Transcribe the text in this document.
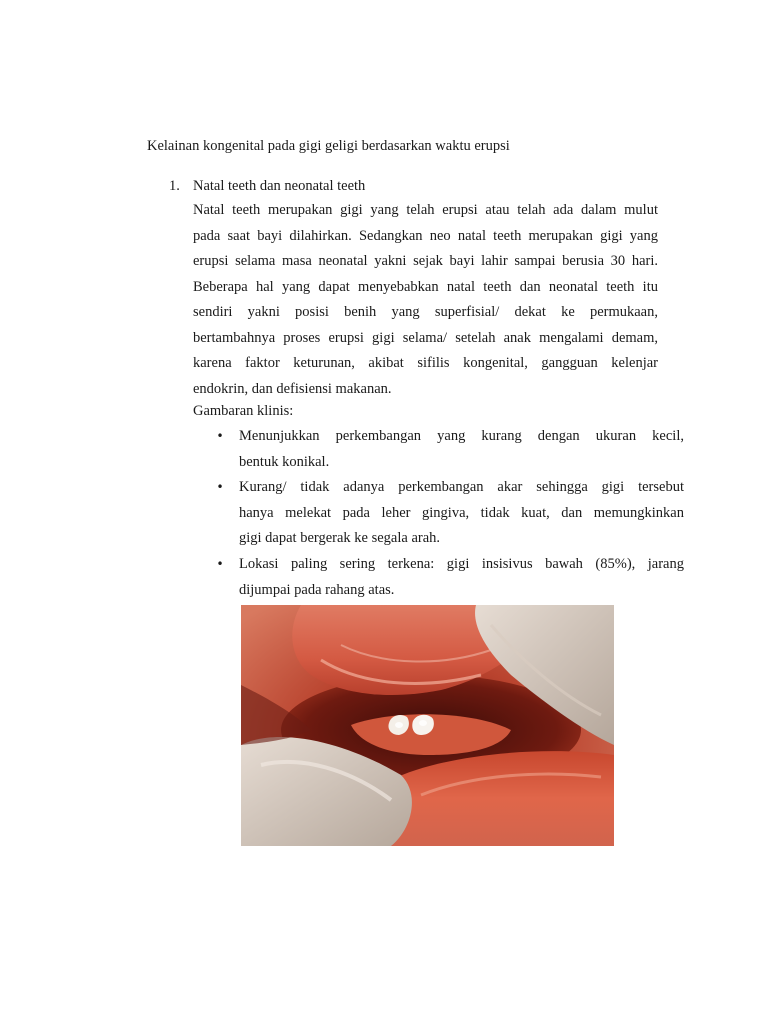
Kelainan kongenital pada gigi geligi berdasarkan waktu erupsi
1. Natal teeth dan neonatal teeth
Natal teeth merupakan gigi yang telah erupsi atau telah ada dalam mulut
pada saat bayi dilahirkan. Sedangkan neo natal teeth merupakan gigi yang
erupsi selama masa neonatal yakni sejak bayi lahir sampai berusia 30 hari.
Beberapa hal yang dapat menyebabkan natal teeth dan neonatal teeth itu
sendiri yakni posisi benih yang superfisial/ dekat ke permukaan,
bertambahnya proses erupsi gigi selama/ setelah anak mengalami demam,
karena faktor keturunan, akibat sifilis kongenital, gangguan kelenjar
endokrin, dan defisiensi makanan.
Gambaran klinis:
• Menunjukkan perkembangan yang kurang dengan ukuran kecil,
bentuk konikal.
• Kurang/ tidak adanya perkembangan akar sehingga gigi tersebut
hanya melekat pada leher gingiva, tidak kuat, dan memungkinkan
gigi dapat bergerak ke segala arah.
• Lokasi paling sering terkena: gigi insisivus bawah (85%), jarang
dijumpai pada rahang atas.
